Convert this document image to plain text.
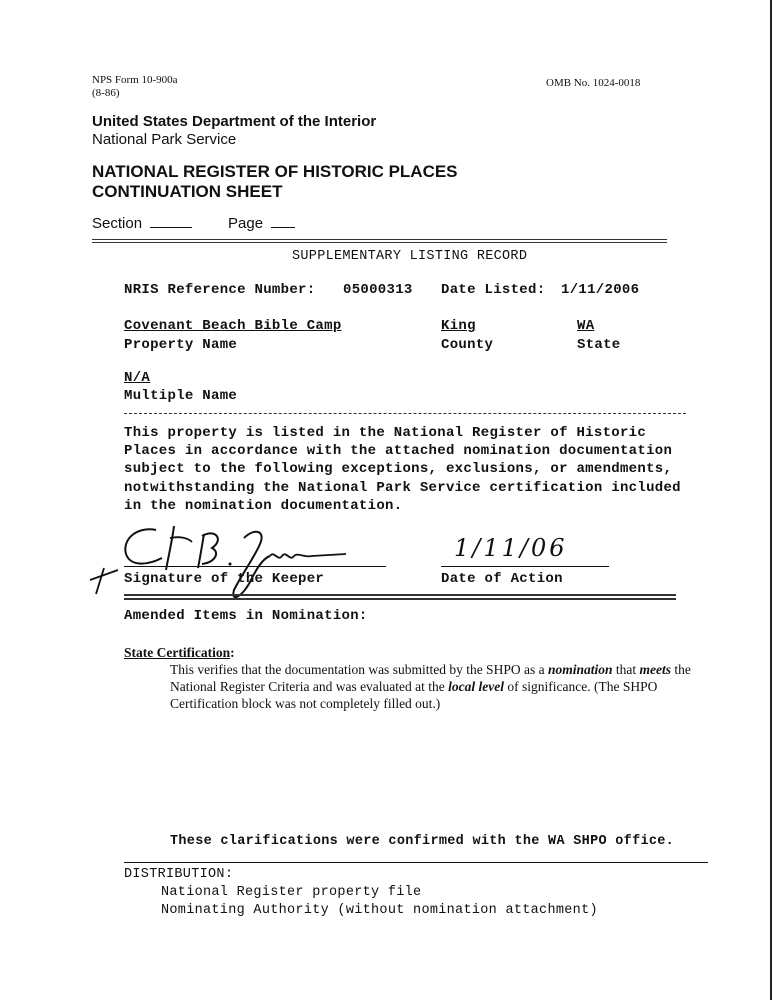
NPS Form 10-900a
(8-86)
OMB No. 1024-0018
United States Department of the Interior
National Park Service
NATIONAL REGISTER OF HISTORIC PLACES
CONTINUATION SHEET
Section	Page
SUPPLEMENTARY LISTING RECORD
NRIS Reference Number: 05000313 Date Listed: 1/11/2006
Covenant Beach Bible Camp	King	WA
Property Name	County	State
N/A
Multiple Name
This property is listed in the National Register of Historic
Places in accordance with the attached nomination documentation
subject to the following exceptions, exclusions, or amendments,
notwithstanding the National Park Service certification included
in the nomination documentation.
1/11/06
Signature of the Keeper	Date of Action
Amended Items in Nomination:
State Certification:
This verifies that the documentation was submitted by the SHPO as a nomination that meets the
National Register Criteria and was evaluated at the local level of significance. (The SHPO
Certification block was not completely filled out.)
These clarifications were confirmed with the WA SHPO office.
DISTRIBUTION:
National Register property file
Nominating Authority (without nomination attachment)
